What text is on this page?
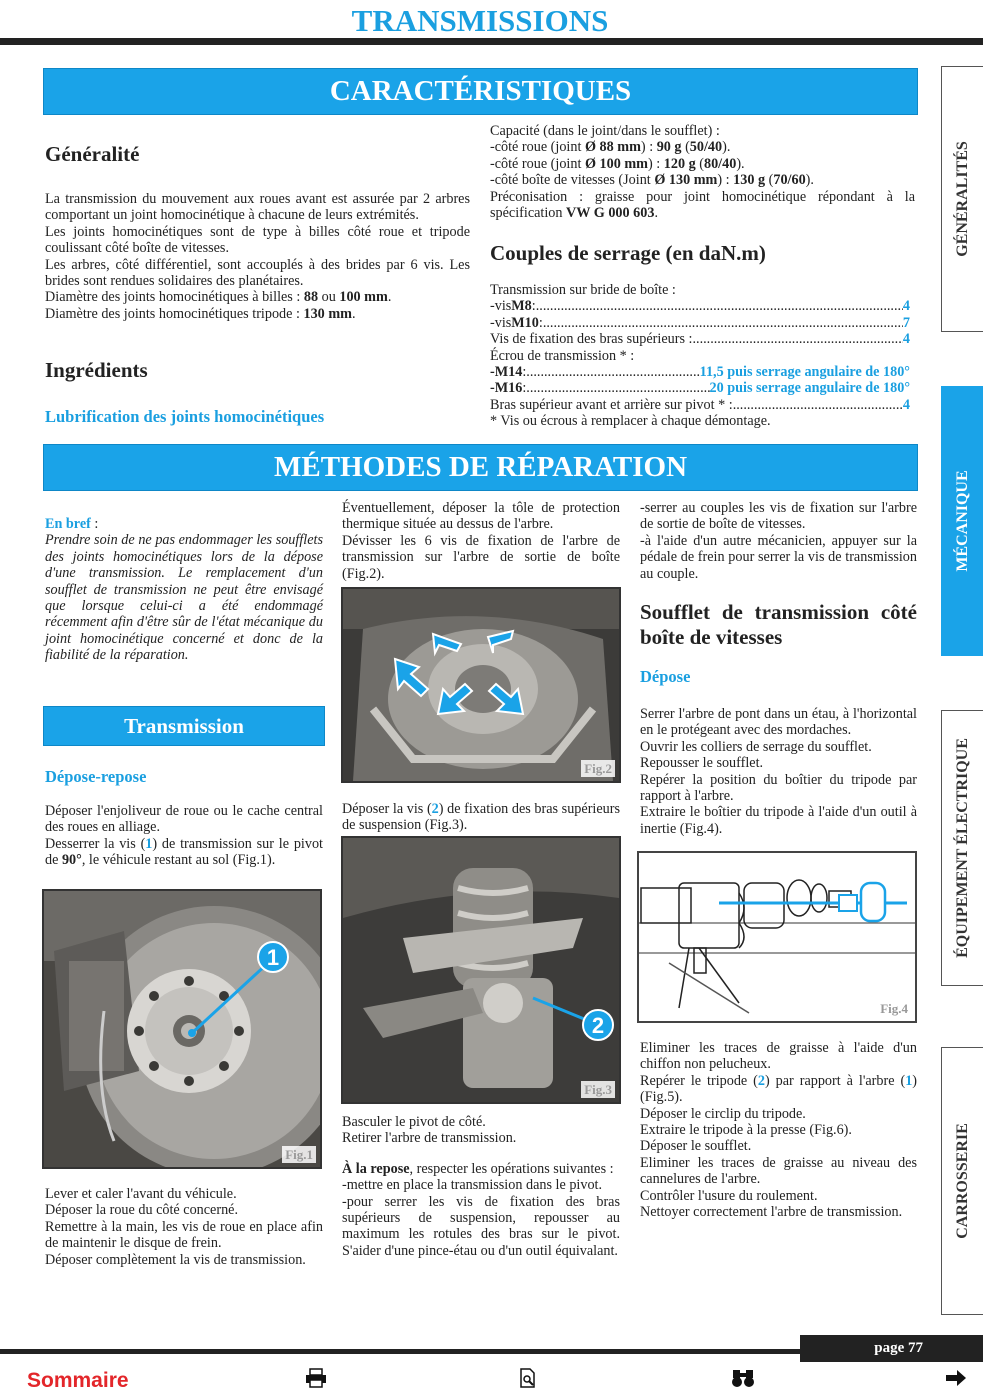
TRANSMISSIONS
GÉNÉRALITÉS
MÉCANIQUE
ÉQUIPEMENT ÉLECTRIQUE
CARROSSERIE
CARACTÉRISTIQUES
Généralité

La transmission du mouvement aux roues avant est assurée par 2 arbres comportant un joint homocinétique à chacune de leurs extrémités.

Les joints homocinétiques sont de type à billes côté roue et tripode coulissant côté boîte de vitesses.

Les arbres, côté différentiel, sont accouplés à des brides par 6 vis. Les brides sont rendues solidaires des planétaires.

Diamètre des joints homocinétiques à billes : 88 ou 100 mm.

Diamètre des joints homocinétiques tripode : 130 mm.

Ingrédients
Lubrification des joints homocinétiques

Capacité (dans le joint/dans le soufflet) :

-côté roue (joint Ø 88 mm) : 90 g (50/40).

-côté roue (joint Ø 100 mm) : 120 g (80/40).

-côté boîte de vitesses (Joint Ø 130 mm) : 130 g (70/60).

Préconisation : graisse pour joint homocinétique répondant à la spécification VW G 000 603.

Couples de serrage (en daN.m)

Transmission sur bride de boîte :

-vis M8 : .....	4
-vis M10 : .....	7
Vis de fixation des bras supérieurs : .....	4

Écrou de transmission * :

-M14 : .....	11,5 puis serrage angulaire de 180°
-M16 : .....	20 puis serrage angulaire de 180°
Bras supérieur avant et arrière sur pivot * : .....	4

* Vis ou écrous à remplacer à chaque démontage.

MÉTHODES DE RÉPARATION

En bref :

Prendre soin de ne pas endommager les soufflets des joints homocinétiques lors de la dépose d'une transmission. Le remplacement d'un soufflet de transmission ne peut être envisagé que lorsque celui-ci a été endommagé récemment afin d'être sûr de l'état mécanique du joint homocinétique concerné et donc de la fiabilité de la réparation.

Transmission
Dépose-repose

Déposer l'enjoliveur de roue ou le cache central des roues en alliage.

Desserrer la vis (1) de transmission sur le pivot de 90°, le véhicule restant au sol (Fig.1).

1
Fig.1

Lever et caler l'avant du véhicule.

Déposer la roue du côté concerné.

Remettre à la main, les vis de roue en place afin de maintenir le disque de frein.

Déposer complètement la vis de transmission.

Éventuellement, déposer la tôle de protection thermique située au dessus de l'arbre.

Dévisser les 6 vis de fixation de l'arbre de transmission sur l'arbre de sortie de boîte (Fig.2).

Fig.2

Déposer la vis (2) de fixation des bras supérieurs de suspension (Fig.3).

2
Fig.3

Basculer le pivot de côté.

Retirer l'arbre de transmission.

À la repose, respecter les opérations suivantes :

-mettre en place la transmission dans le pivot.

-pour serrer les vis de fixation des bras supérieurs de suspension, repousser au maximum les rotules des bras sur le pivot. S'aider d'une pince-étau ou d'un outil équivalant.

-serrer au couples les vis de fixation sur l'arbre de sortie de boîte de vitesses.

-à l'aide d'un autre mécanicien, appuyer sur la pédale de frein pour serrer la vis de transmission au couple.

Soufflet de transmission côté boîte de vitesses
Dépose

Serrer l'arbre de pont dans un étau, à l'horizontal en le protégeant avec des mordaches.

Ouvrir les colliers de serrage du soufflet.

Repousser le soufflet.

Repérer la position du boîtier du tripode par rapport à l'arbre.

Extraire le boîtier du tripode à l'aide d'un outil à inertie (Fig.4).

Fig.4

Eliminer les traces de graisse à l'aide d'un chiffon non pelucheux.

Repérer le tripode (2) par rapport à l'arbre (1) (Fig.5).

Déposer le circlip du tripode.

Extraire le tripode à la presse (Fig.6).

Déposer le soufflet.

Eliminer les traces de graisse au niveau des cannelures de l'arbre.

Contrôler l'usure du roulement.

Nettoyer correctement l'arbre de transmission.

page 77
Sommaire
